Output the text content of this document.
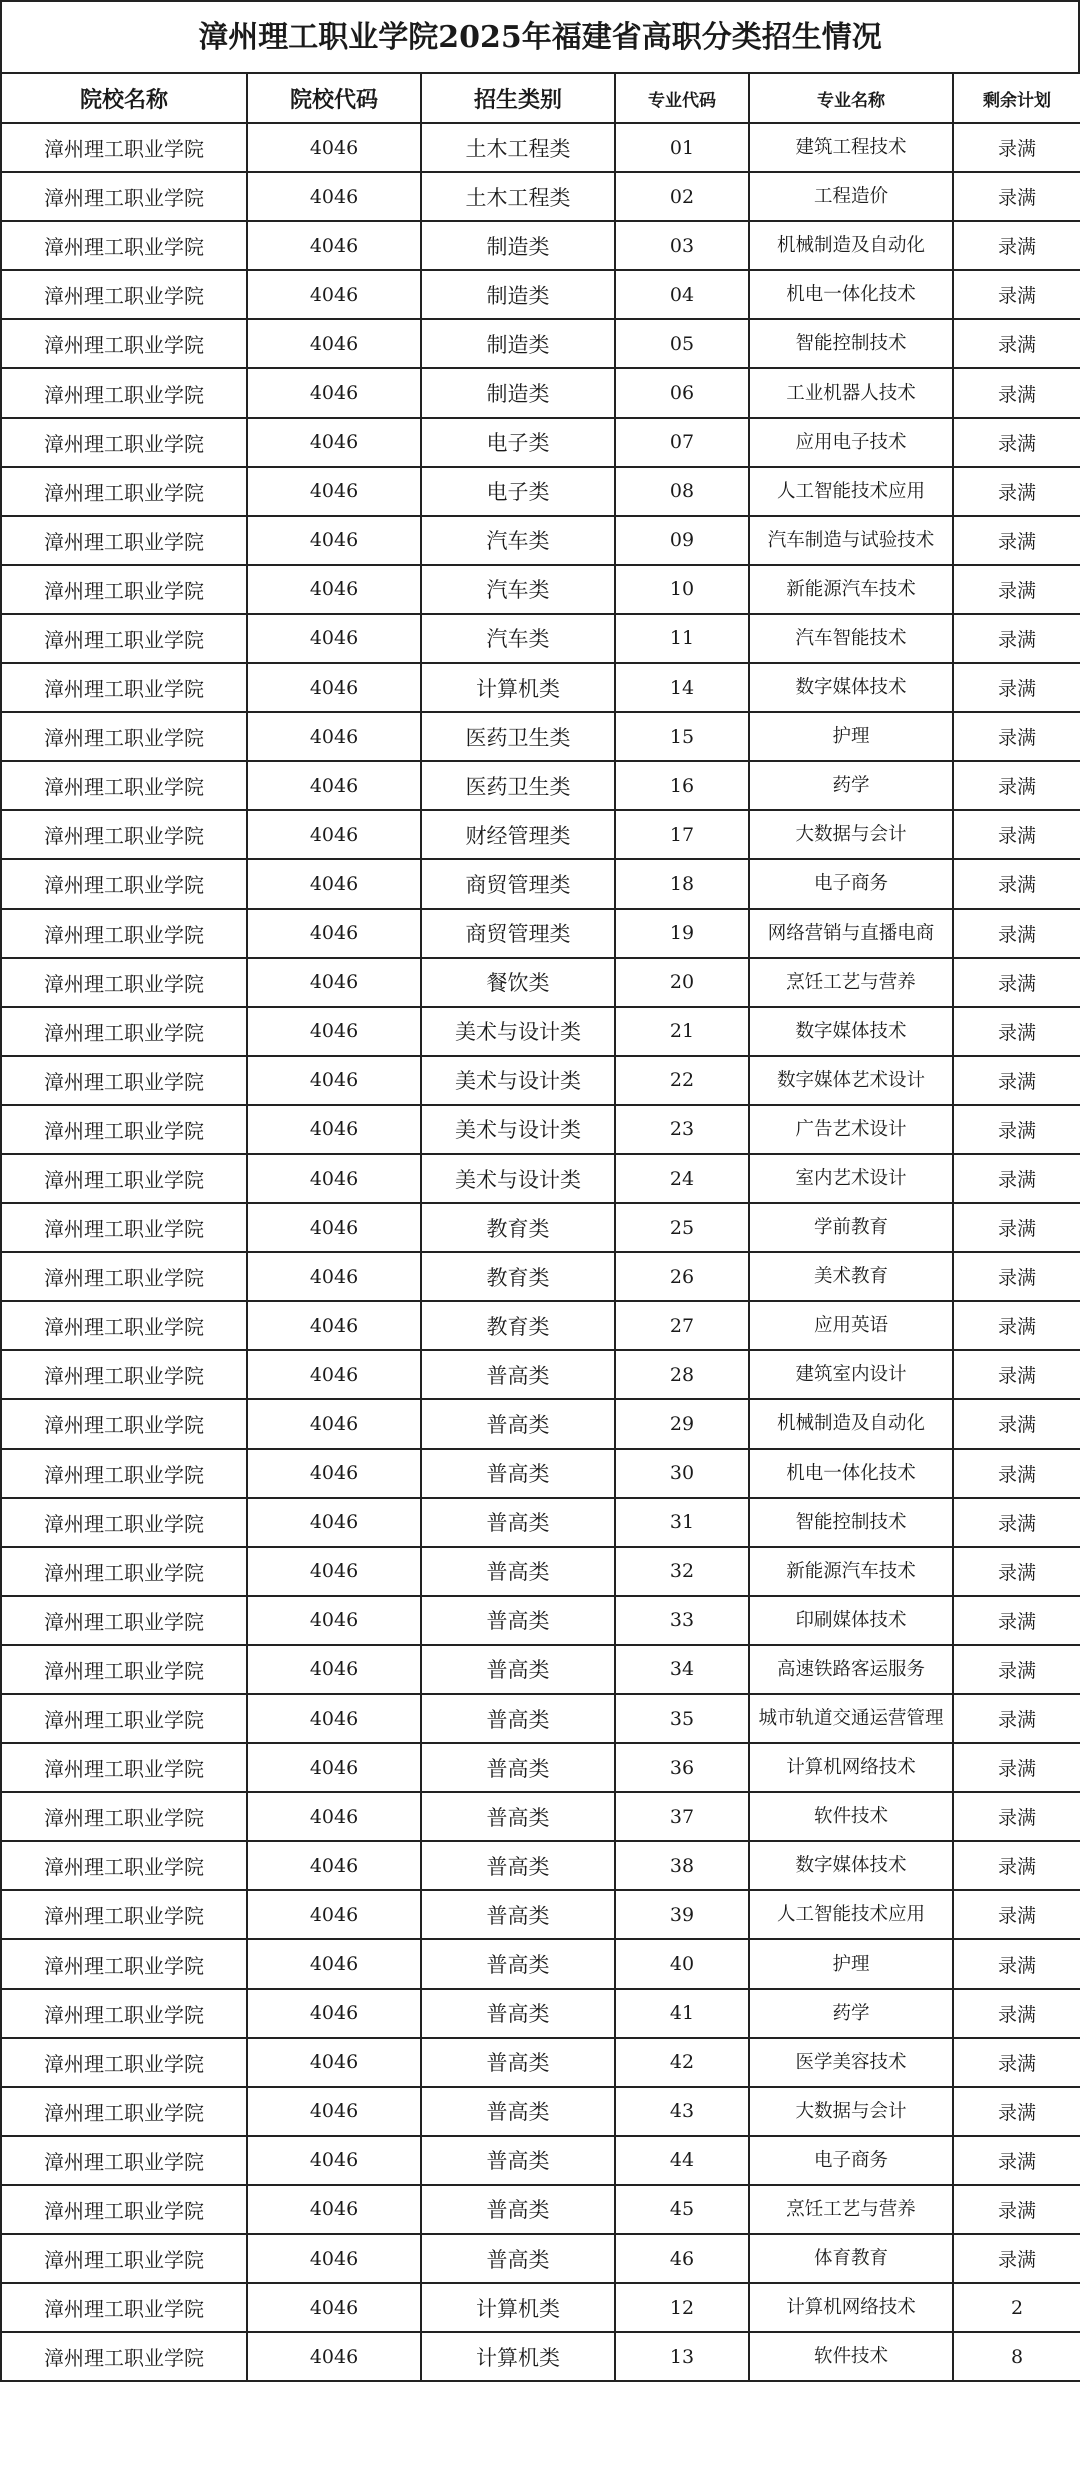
漳州理工职业学院2025年福建省高职分类招生情况
院校名称	院校代码	招生类别	专业代码	专业名称	剩余计划
漳州理工职业学院	4046	土木工程类	01	建筑工程技术	录满
漳州理工职业学院	4046	土木工程类	02	工程造价	录满
漳州理工职业学院	4046	制造类	03	机械制造及自动化	录满
漳州理工职业学院	4046	制造类	04	机电一体化技术	录满
漳州理工职业学院	4046	制造类	05	智能控制技术	录满
漳州理工职业学院	4046	制造类	06	工业机器人技术	录满
漳州理工职业学院	4046	电子类	07	应用电子技术	录满
漳州理工职业学院	4046	电子类	08	人工智能技术应用	录满
漳州理工职业学院	4046	汽车类	09	汽车制造与试验技术	录满
漳州理工职业学院	4046	汽车类	10	新能源汽车技术	录满
漳州理工职业学院	4046	汽车类	11	汽车智能技术	录满
漳州理工职业学院	4046	计算机类	14	数字媒体技术	录满
漳州理工职业学院	4046	医药卫生类	15	护理	录满
漳州理工职业学院	4046	医药卫生类	16	药学	录满
漳州理工职业学院	4046	财经管理类	17	大数据与会计	录满
漳州理工职业学院	4046	商贸管理类	18	电子商务	录满
漳州理工职业学院	4046	商贸管理类	19	网络营销与直播电商	录满
漳州理工职业学院	4046	餐饮类	20	烹饪工艺与营养	录满
漳州理工职业学院	4046	美术与设计类	21	数字媒体技术	录满
漳州理工职业学院	4046	美术与设计类	22	数字媒体艺术设计	录满
漳州理工职业学院	4046	美术与设计类	23	广告艺术设计	录满
漳州理工职业学院	4046	美术与设计类	24	室内艺术设计	录满
漳州理工职业学院	4046	教育类	25	学前教育	录满
漳州理工职业学院	4046	教育类	26	美术教育	录满
漳州理工职业学院	4046	教育类	27	应用英语	录满
漳州理工职业学院	4046	普高类	28	建筑室内设计	录满
漳州理工职业学院	4046	普高类	29	机械制造及自动化	录满
漳州理工职业学院	4046	普高类	30	机电一体化技术	录满
漳州理工职业学院	4046	普高类	31	智能控制技术	录满
漳州理工职业学院	4046	普高类	32	新能源汽车技术	录满
漳州理工职业学院	4046	普高类	33	印刷媒体技术	录满
漳州理工职业学院	4046	普高类	34	高速铁路客运服务	录满
漳州理工职业学院	4046	普高类	35	城市轨道交通运营管理	录满
漳州理工职业学院	4046	普高类	36	计算机网络技术	录满
漳州理工职业学院	4046	普高类	37	软件技术	录满
漳州理工职业学院	4046	普高类	38	数字媒体技术	录满
漳州理工职业学院	4046	普高类	39	人工智能技术应用	录满
漳州理工职业学院	4046	普高类	40	护理	录满
漳州理工职业学院	4046	普高类	41	药学	录满
漳州理工职业学院	4046	普高类	42	医学美容技术	录满
漳州理工职业学院	4046	普高类	43	大数据与会计	录满
漳州理工职业学院	4046	普高类	44	电子商务	录满
漳州理工职业学院	4046	普高类	45	烹饪工艺与营养	录满
漳州理工职业学院	4046	普高类	46	体育教育	录满
漳州理工职业学院	4046	计算机类	12	计算机网络技术	2
漳州理工职业学院	4046	计算机类	13	软件技术	8
